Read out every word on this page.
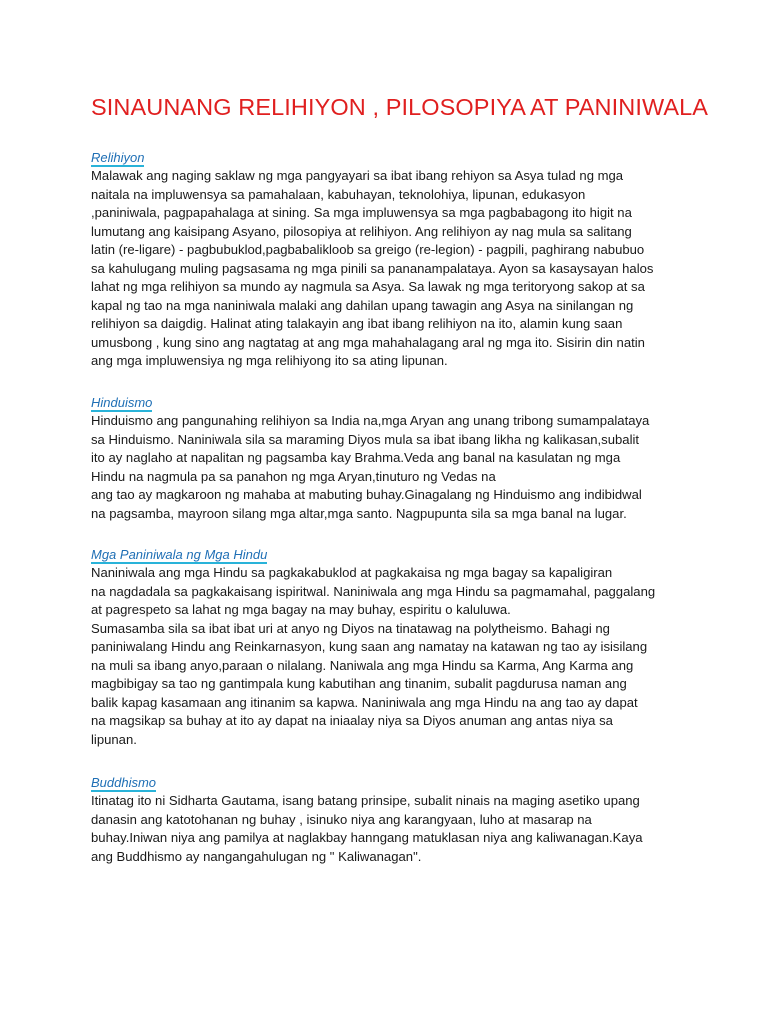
SINAUNANG RELIHIYON , PILOSOPIYA AT PANINIWALA
Relihiyon
Malawak ang naging saklaw ng mga pangyayari sa ibat ibang rehiyon sa Asya tulad ng mga
naitala na impluwensya sa pamahalaan, kabuhayan, teknolohiya, lipunan, edukasyon
,paniniwala, pagpapahalaga at sining. Sa mga impluwensya sa mga pagbabagong ito higit na
lumutang ang kaisipang Asyano, pilosopiya at relihiyon. Ang relihiyon ay nag mula sa salitang
latin (re-ligare) - pagbubuklod,pagbabalikloob sa greigo (re-legion) - pagpili, paghirang nabubuo
sa kahulugang muling pagsasama ng mga pinili sa pananampalataya. Ayon sa kasaysayan halos
lahat ng mga relihiyon sa mundo ay nagmula sa Asya. Sa lawak ng mga teritoryong sakop at sa
kapal ng tao na mga naniniwala malaki ang dahilan upang tawagin ang Asya na sinilangan ng
relihiyon sa daigdig. Halinat ating talakayin ang ibat ibang relihiyon na ito, alamin kung saan
umusbong , kung sino ang nagtatag at ang mga mahahalagang aral ng mga ito. Sisirin din natin
ang mga impluwensiya ng mga relihiyong ito sa ating lipunan.
Hinduismo
Hinduismo ang pangunahing relihiyon sa India na,mga Aryan ang unang tribong sumampalataya
sa Hinduismo. Naniniwala sila sa maraming Diyos mula sa ibat ibang likha ng kalikasan,subalit
ito ay naglaho at napalitan ng pagsamba kay Brahma.Veda ang banal na kasulatan ng mga
Hindu na nagmula pa sa panahon ng mga Aryan,tinuturo ng Vedas na
ang tao ay magkaroon ng mahaba at mabuting buhay.Ginagalang ng Hinduismo ang indibidwal
na pagsamba, mayroon silang mga altar,mga santo. Nagpupunta sila sa mga banal na lugar.
Mga Paniniwala ng Mga Hindu
Naniniwala ang mga Hindu sa pagkakabuklod at pagkakaisa ng mga bagay sa kapaligiran
na nagdadala sa pagkakaisang ispiritwal. Naniniwala ang mga Hindu sa pagmamahal, paggalang
at pagrespeto sa lahat ng mga bagay na may buhay, espiritu o kaluluwa.
Sumasamba sila sa ibat ibat uri at anyo ng Diyos na tinatawag na polytheismo. Bahagi ng
paniniwalang Hindu ang Reinkarnasyon, kung saan ang namatay na katawan ng tao ay isisilang
na muli sa ibang anyo,paraan o nilalang. Naniwala ang mga Hindu sa Karma, Ang Karma ang
magbibigay sa tao ng gantimpala kung kabutihan ang tinanim, subalit pagdurusa naman ang
balik kapag kasamaan ang itinanim sa kapwa. Naniniwala ang mga Hindu na ang tao ay dapat
na magsikap sa buhay at ito ay dapat na iniaalay niya sa Diyos anuman ang antas niya sa
lipunan.
Buddhismo
Itinatag ito ni Sidharta Gautama, isang batang prinsipe, subalit ninais na maging asetiko upang
danasin ang katotohanan ng buhay , isinuko niya ang karangyaan, luho at masarap na
buhay.Iniwan niya ang pamilya at naglakbay hanngang matuklasan niya ang kaliwanagan.Kaya
ang Buddhismo ay nangangahulugan ng " Kaliwanagan".
